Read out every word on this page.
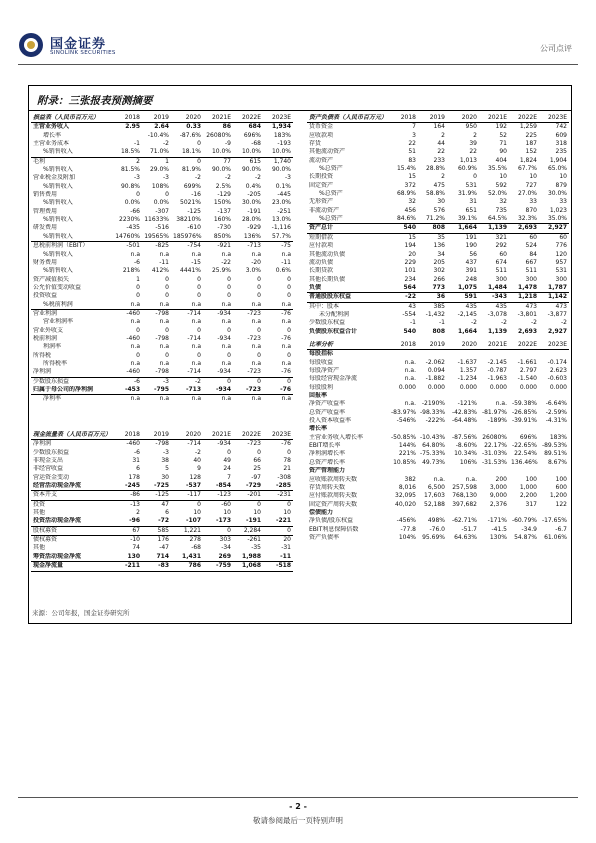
国金证券
SINOLINK SECURITIES	公司点评
附录：三张报表预测摘要
损益表（人民币百万元）	2018	2019	2020	2021E	2022E	2023E
主营业务收入	2.95	2.64	0.33	86	684	1,934
增长率		-10.4%	-87.6%	26080%	696%	183%
主营业务成本	-1	-2	0	-9	-68	-193
%销售收入	18.5%	71.0%	18.1%	10.0%	10.0%	10.0%
毛利	2	1	0	77	615	1,740
%销售收入	81.5%	29.0%	81.9%	90.0%	90.0%	90.0%
营业税金及附加	-3	-3	-2	-2	-2	-3
%销售收入	90.8%	108%	699%	2.5%	0.4%	0.1%
销售费用	0	0	-16	-129	-205	-445
%销售收入	0.0%	0.0%	5021%	150%	30.0%	23.0%
管理费用	-66	-307	-125	-137	-191	-251
%销售收入	2230%	11633%	38210%	160%	28.0%	13.0%
研发费用	-435	-516	-610	-730	-929	-1,116
%销售收入	14760%	19565%	185976%	850%	136%	57.7%
息税前利润（EBIT）	-501	-825	-754	-921	-713	-75
%销售收入	n.a	n.a	n.a	n.a	n.a	n.a
财务费用	-6	-11	-15	-22	-20	-11
%销售收入	218%	412%	4441%	25.9%	3.0%	0.6%
资产减值损失	1	0	0	0	0	0
公允价值变动收益	0	0	0	0	0	0
投资收益	0	0	0	0	0	0
%税前利润	n.a	n.a	n.a	n.a	n.a	n.a
营业利润	-460	-798	-714	-934	-723	-76
营业利润率	n.a	n.a	n.a	n.a	n.a	n.a
营业外收支	0	0	0	0	0	0
税前利润	-460	-798	-714	-934	-723	-76
利润率	n.a	n.a	n.a	n.a	n.a	n.a
所得税	0	0	0	0	0	0
所得税率	n.a	n.a	n.a	n.a	n.a	n.a
净利润	-460	-798	-714	-934	-723	-76
少数股东损益	-6	-3	-2	0	0	0
归属于母公司的净利润	-453	-795	-713	-934	-723	-76
净利率	n.a	n.a	n.a	n.a	n.a	n.a
资产负债表（人民币百万元）	2018	2019	2020	2021E	2022E	2023E
货币资金	7	164	950	192	1,259	742
应收款项	3	2	2	52	225	609
存货	22	44	39	71	187	318
其他流动资产	51	22	22	90	152	235
流动资产	83	233	1,013	404	1,824	1,904
%总资产	15.4%	28.8%	60.9%	35.5%	67.7%	65.0%
长期投资	15	2	0	10	10	10
固定资产	372	475	531	592	727	879
%总资产	68.9%	58.8%	31.9%	52.0%	27.0%	30.0%
无形资产	32	30	31	32	33	33
非流动资产	456	576	651	735	870	1,023
%总资产	84.6%	71.2%	39.1%	64.5%	32.3%	35.0%
资产总计	540	808	1,664	1,139	2,693	2,927
短期借款	15	35	191	321	60	60
应付款项	194	136	190	292	524	776
其他流动负债	20	34	56	60	84	120
流动负债	229	205	437	674	667	957
长期贷款	101	302	391	511	511	531
其他长期负债	234	266	248	300	300	300
负债	564	773	1,075	1,484	1,478	1,787
普通股股东权益	-22	36	591	-343	1,218	1,142
其中：股本	43	385	435	435	473	473
未分配利润	-554	-1,432	-2,145	-3,078	-3,801	-3,877
少数股东权益	-1	-1	-2	-2	-2	-2
负债股东权益合计	540	808	1,664	1,139	2,693	2,927
比率分析	2018	2019	2020	2021E	2022E	2023E
每股指标						
每股收益	n.a.	-2.062	-1.637	-2.145	-1.661	-0.174
每股净资产	n.a.	0.094	1.357	-0.787	2.797	2.623
每股经营现金净流	n.a.	-1.882	-1.234	-1.963	-1.540	-0.603
每股股利	0.000	0.000	0.000	0.000	0.000	0.000
回报率						
净资产收益率	n.a.	-2190%	-121%	n.a.	-59.38%	-6.64%
总资产收益率	-83.97%	-98.33%	-42.83%	-81.97%	-26.85%	-2.59%
投入资本收益率	-546%	-222%	-64.48%	-189%	-39.91%	-4.31%
增长率						
主营业务收入增长率	-50.85%	-10.43%	-87.56%	26080%	696%	183%
EBIT增长率	144%	64.80%	-8.60%	22.17%	-22.65%	-89.53%
净利润增长率	221%	-75.33%	10.34%	-31.03%	22.54%	89.51%
总资产增长率	10.85%	49.73%	106%	-31.53%	136.46%	8.67%
资产管理能力						
应收账款周转天数	382	n.a.	n.a.	200	100	100
存货周转天数	8,016	6,500	257,598	3,000	1,000	600
应付账款周转天数	32,095	17,603	768,130	9,000	2,200	1,200
固定资产周转天数	40,020	52,188	397,682	2,376	317	122
偿债能力						
净负债/股东权益	-456%	498%	-62.71%	-171%	-60.79%	-17.65%
EBIT利息保障倍数	-77.8	-76.0	-51.7	-41.5	-34.9	-6.7
资产负债率	104%	95.69%	64.63%	130%	54.87%	61.06%
现金流量表（人民币百万元）	2018	2019	2020	2021E	2022E	2023E
净利润	-460	-798	-714	-934	-723	-76
少数股东损益	-6	-3	-2	0	0	0
非现金支出	31	38	40	49	66	78
非经营收益	6	5	9	24	25	21
营运资金变动	178	30	128	7	-97	-308
经营活动现金净流	-245	-725	-537	-854	-729	-285
资本开支	-86	-125	-117	-123	-201	-231
投资	-13	47	0	-60	0	0
其他	2	6	10	10	10	10
投资活动现金净流	-96	-72	-107	-173	-191	-221
股权募资	67	585	1,221	0	2,284	0
债权募资	-10	176	278	303	-261	20
其他	74	-47	-68	-34	-35	-31
筹资活动现金净流	130	714	1,431	269	1,988	-11
现金净流量	-211	-83	786	-759	1,068	-518
来源：公司年报，国金证券研究所
- 2 -
敬请参阅最后一页特别声明
